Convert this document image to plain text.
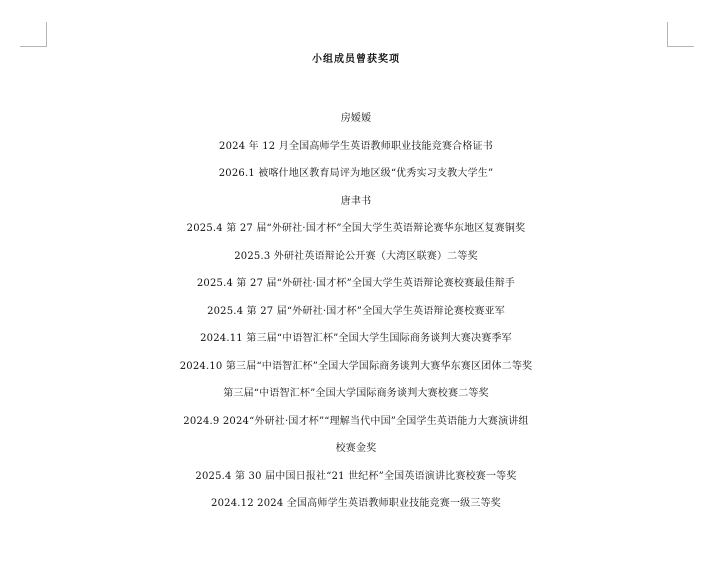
小组成员曾获奖项
房嫒嫒
2024 年 12 月全国高师学生英语教师职业技能竞赛合格证书
2026.1 被喀什地区教育局评为地区级“优秀实习支教大学生”
唐聿书
2025.4 第 27 届“外研社·国才杯”全国大学生英语辩论赛华东地区复赛铜奖
2025.3 外研社英语辩论公开赛（大湾区联赛）二等奖
2025.4 第 27 届“外研社·国才杯”全国大学生英语辩论赛校赛最佳辩手
2025.4 第 27 届“外研社·国才杯”全国大学生英语辩论赛校赛亚军
2024.11 第三届“中语智汇杯”全国大学生国际商务谈判大赛决赛季军
2024.10 第三届“中语智汇杯”全国大学国际商务谈判大赛华东赛区团体二等奖
第三届“中语智汇杯”全国大学国际商务谈判大赛校赛二等奖
2024.9 2024“外研社·国才杯”“理解当代中国”全国学生英语能力大赛演讲组
校赛金奖
2025.4 第 30 届中国日报社“21 世纪杯”全国英语演讲比赛校赛一等奖
2024.12 2024 全国高师学生英语教师职业技能竞赛一级三等奖
